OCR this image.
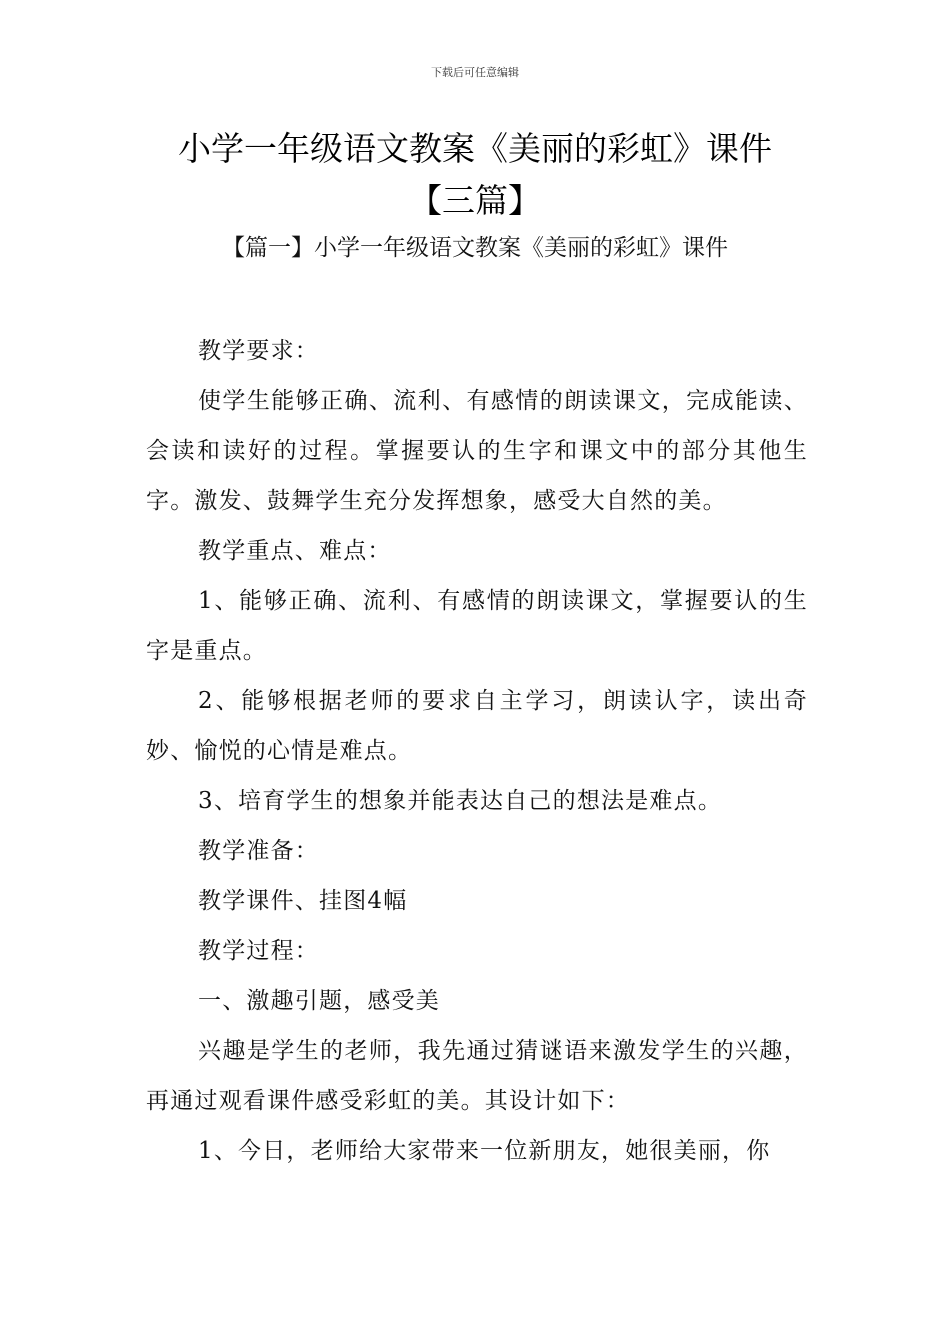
下载后可任意编辑
小学一年级语文教案《美丽的彩虹》课件
【三篇】
【篇一】小学一年级语文教案《美丽的彩虹》课件

教学要求：

使学生能够正确、流利、有感情的朗读课文，完成能读、会读和读好的过程。掌握要认的生字和课文中的部分其他生字。激发、鼓舞学生充分发挥想象，感受大自然的美。

教学重点、难点：

1、能够正确、流利、有感情的朗读课文，掌握要认的生字是重点。

2、能够根据老师的要求自主学习，朗读认字，读出奇妙、愉悦的心情是难点。

3、培育学生的想象并能表达自己的想法是难点。

教学准备：

教学课件、挂图4幅

教学过程：

一、激趣引题，感受美

兴趣是学生的老师，我先通过猜谜语来激发学生的兴趣，再通过观看课件感受彩虹的美。其设计如下：

1、今日，老师给大家带来一位新朋友，她很美丽，你
